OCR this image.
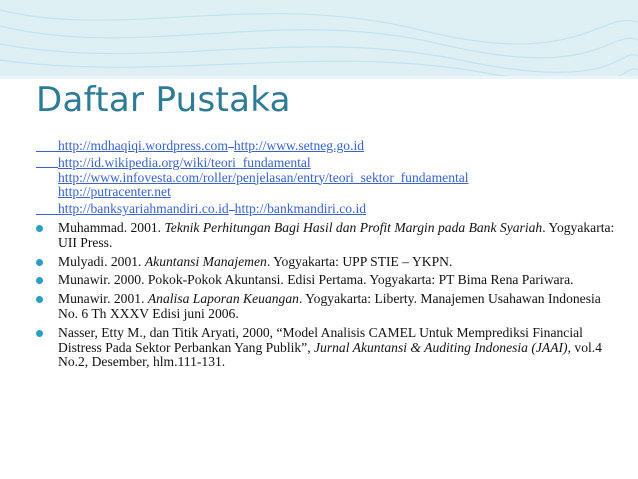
Daftar Pustaka
http://mdhaqiqi.wordpress.com http://www.setneg.go.id
http://id.wikipedia.org/wiki/teori_fundamental
http://www.infovesta.com/roller/penjelasan/entry/teori_sektor_fundamental
http://putracenter.net
http://banksyariahmandiri.co.id http://bankmandiri.co.id
Muhammad. 2001. Teknik Perhitungan Bagi Hasil dan Profit Margin pada Bank Syariah. Yogyakarta: UII Press.
Mulyadi. 2001. Akuntansi Manajemen. Yogyakarta: UPP STIE – YKPN.
Munawir. 2000. Pokok-Pokok Akuntansi. Edisi Pertama. Yogyakarta: PT Bima Rena Pariwara.
Munawir. 2001. Analisa Laporan Keuangan. Yogyakarta: Liberty. Manajemen Usahawan Indonesia No. 6 Th XXXV Edisi juni 2006.
Nasser, Etty M., dan Titik Aryati, 2000, “Model Analisis CAMEL Untuk Memprediksi Financial Distress Pada Sektor Perbankan Yang Publik”, Jurnal Akuntansi & Auditing Indonesia (JAAI), vol.4 No.2, Desember, hlm.111-131.
